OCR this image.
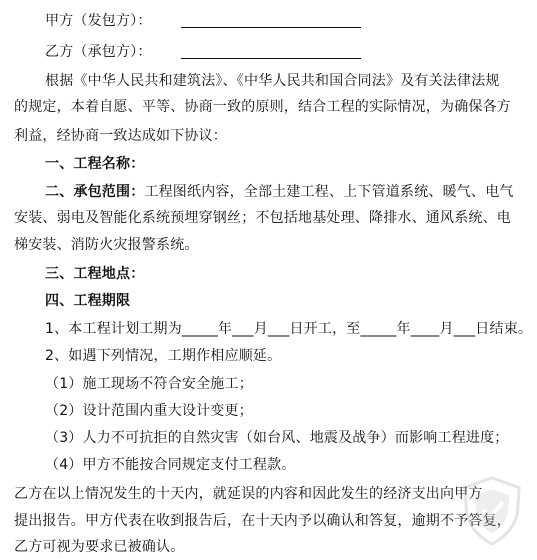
甲方（发包方）：
乙方（承包方）：
根据《中华人民共和建筑法》、《中华人民共和国合同法》及有关法律法规
的规定，本着自愿、平等、协商一致的原则，结合工程的实际情况，为确保各方
利益，经协商一致达成如下协议：
一、工程名称：
二、承包范围：工程图纸内容，全部土建工程、上下管道系统、暖气、电气
安装、弱电及智能化系统预埋穿钢丝；不包括地基处理、降排水、通风系统、电
梯安装、消防火灾报警系统。
三、工程地点：
四、工程期限
1、本工程计划工期为_____年___月___日开工，至_____年____月___日结束。
2、如遇下列情况，工期作相应顺延。
（1）施工现场不符合安全施工；
（2）设计范围内重大设计变更；
（3）人力不可抗拒的自然灾害（如台风、地震及战争）而影响工程进度；
（4）甲方不能按合同规定支付工程款。
乙方在以上情况发生的十天内，就延误的内容和因此发生的经济支出向甲方
提出报告。甲方代表在收到报告后，在十天内予以确认和答复，逾期不予答复，
乙方可视为要求已被确认。
